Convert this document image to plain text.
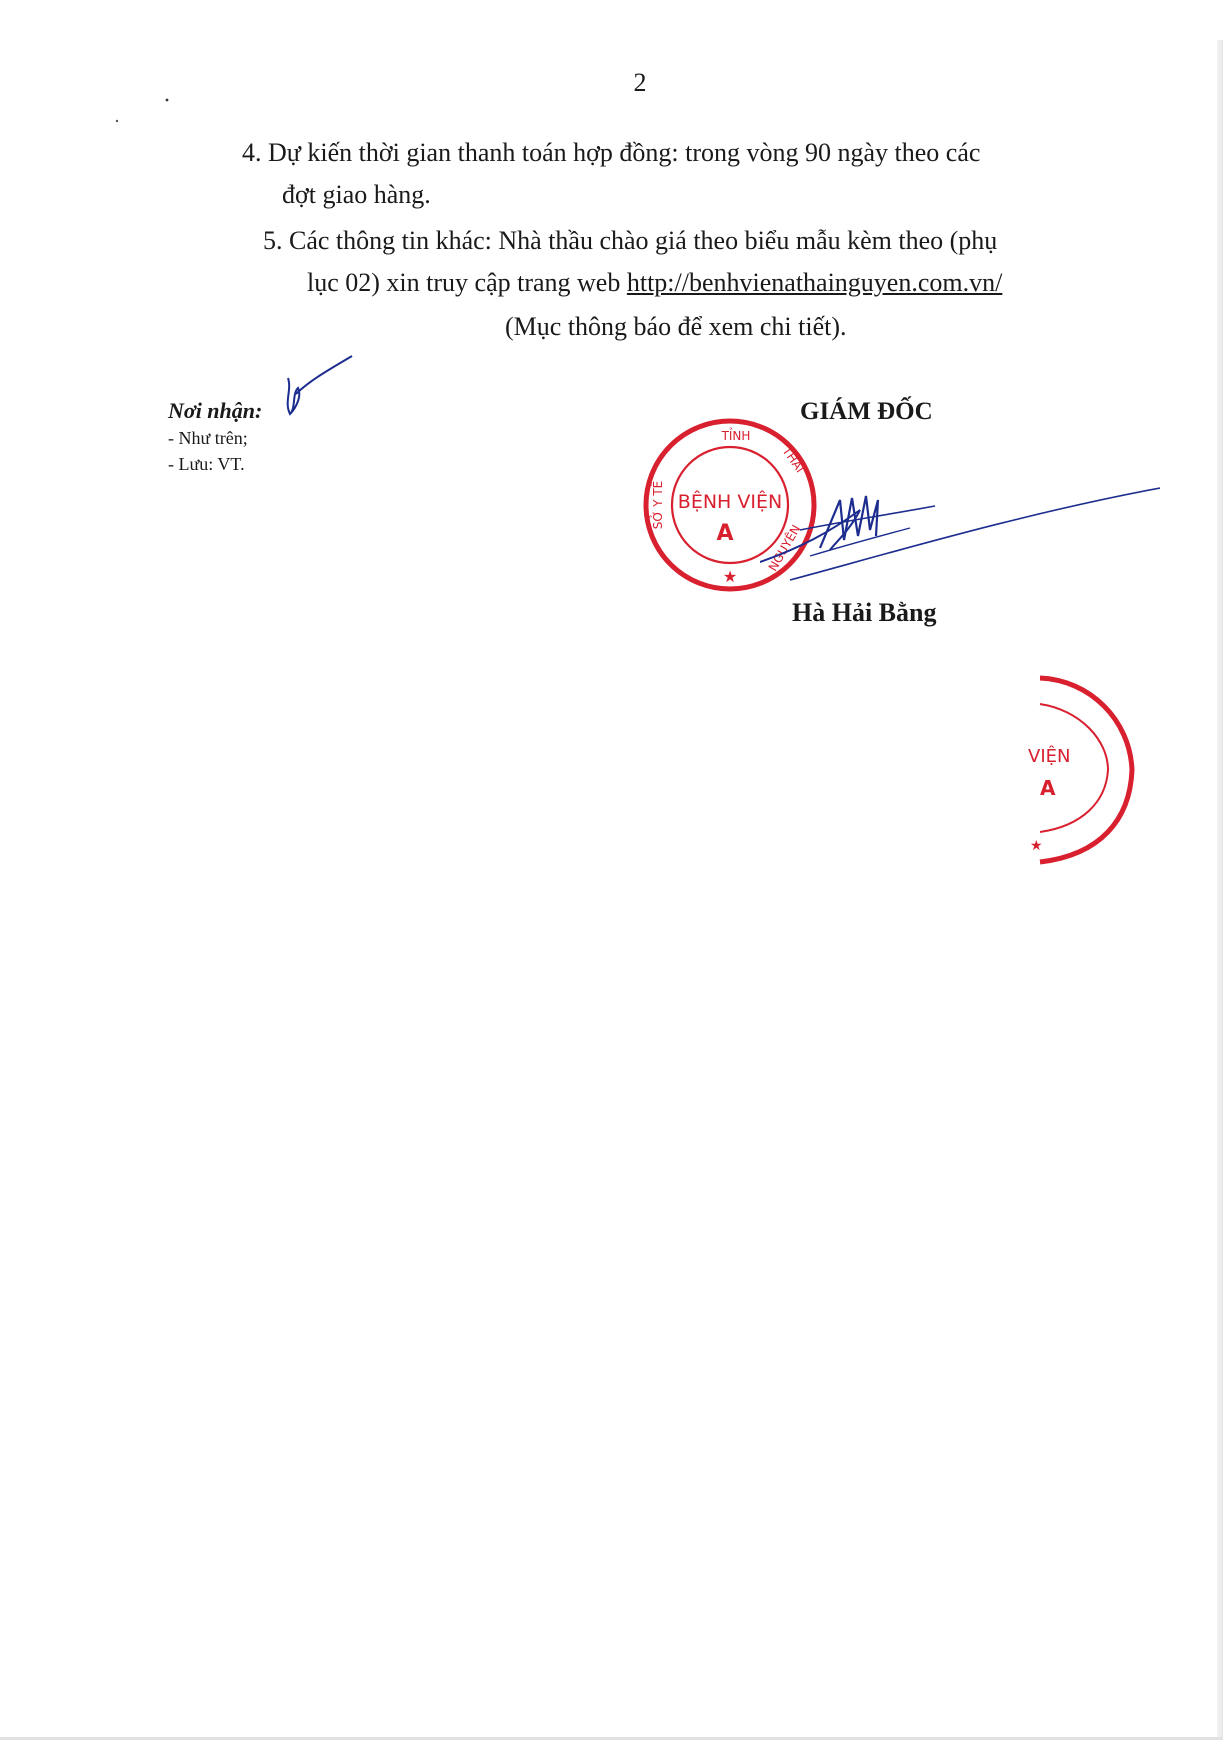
2
4. Dự kiến thời gian thanh toán hợp đồng: trong vòng 90 ngày theo các
đợt giao hàng.
5. Các thông tin khác: Nhà thầu chào giá theo biểu mẫu kèm theo (phụ
lục 02) xin truy cập trang web http://benhvienathainguyen.com.vn/
(Mục thông báo để xem chi tiết).
Nơi nhận:
- Như trên;
- Lưu: VT.
GIÁM ĐỐC
BỆNH VIỆN
A
TỈNH
THÁI
NGUYÊN
SỞ Y TẾ
★
Hà Hải Bằng
VIỆN
A
★
